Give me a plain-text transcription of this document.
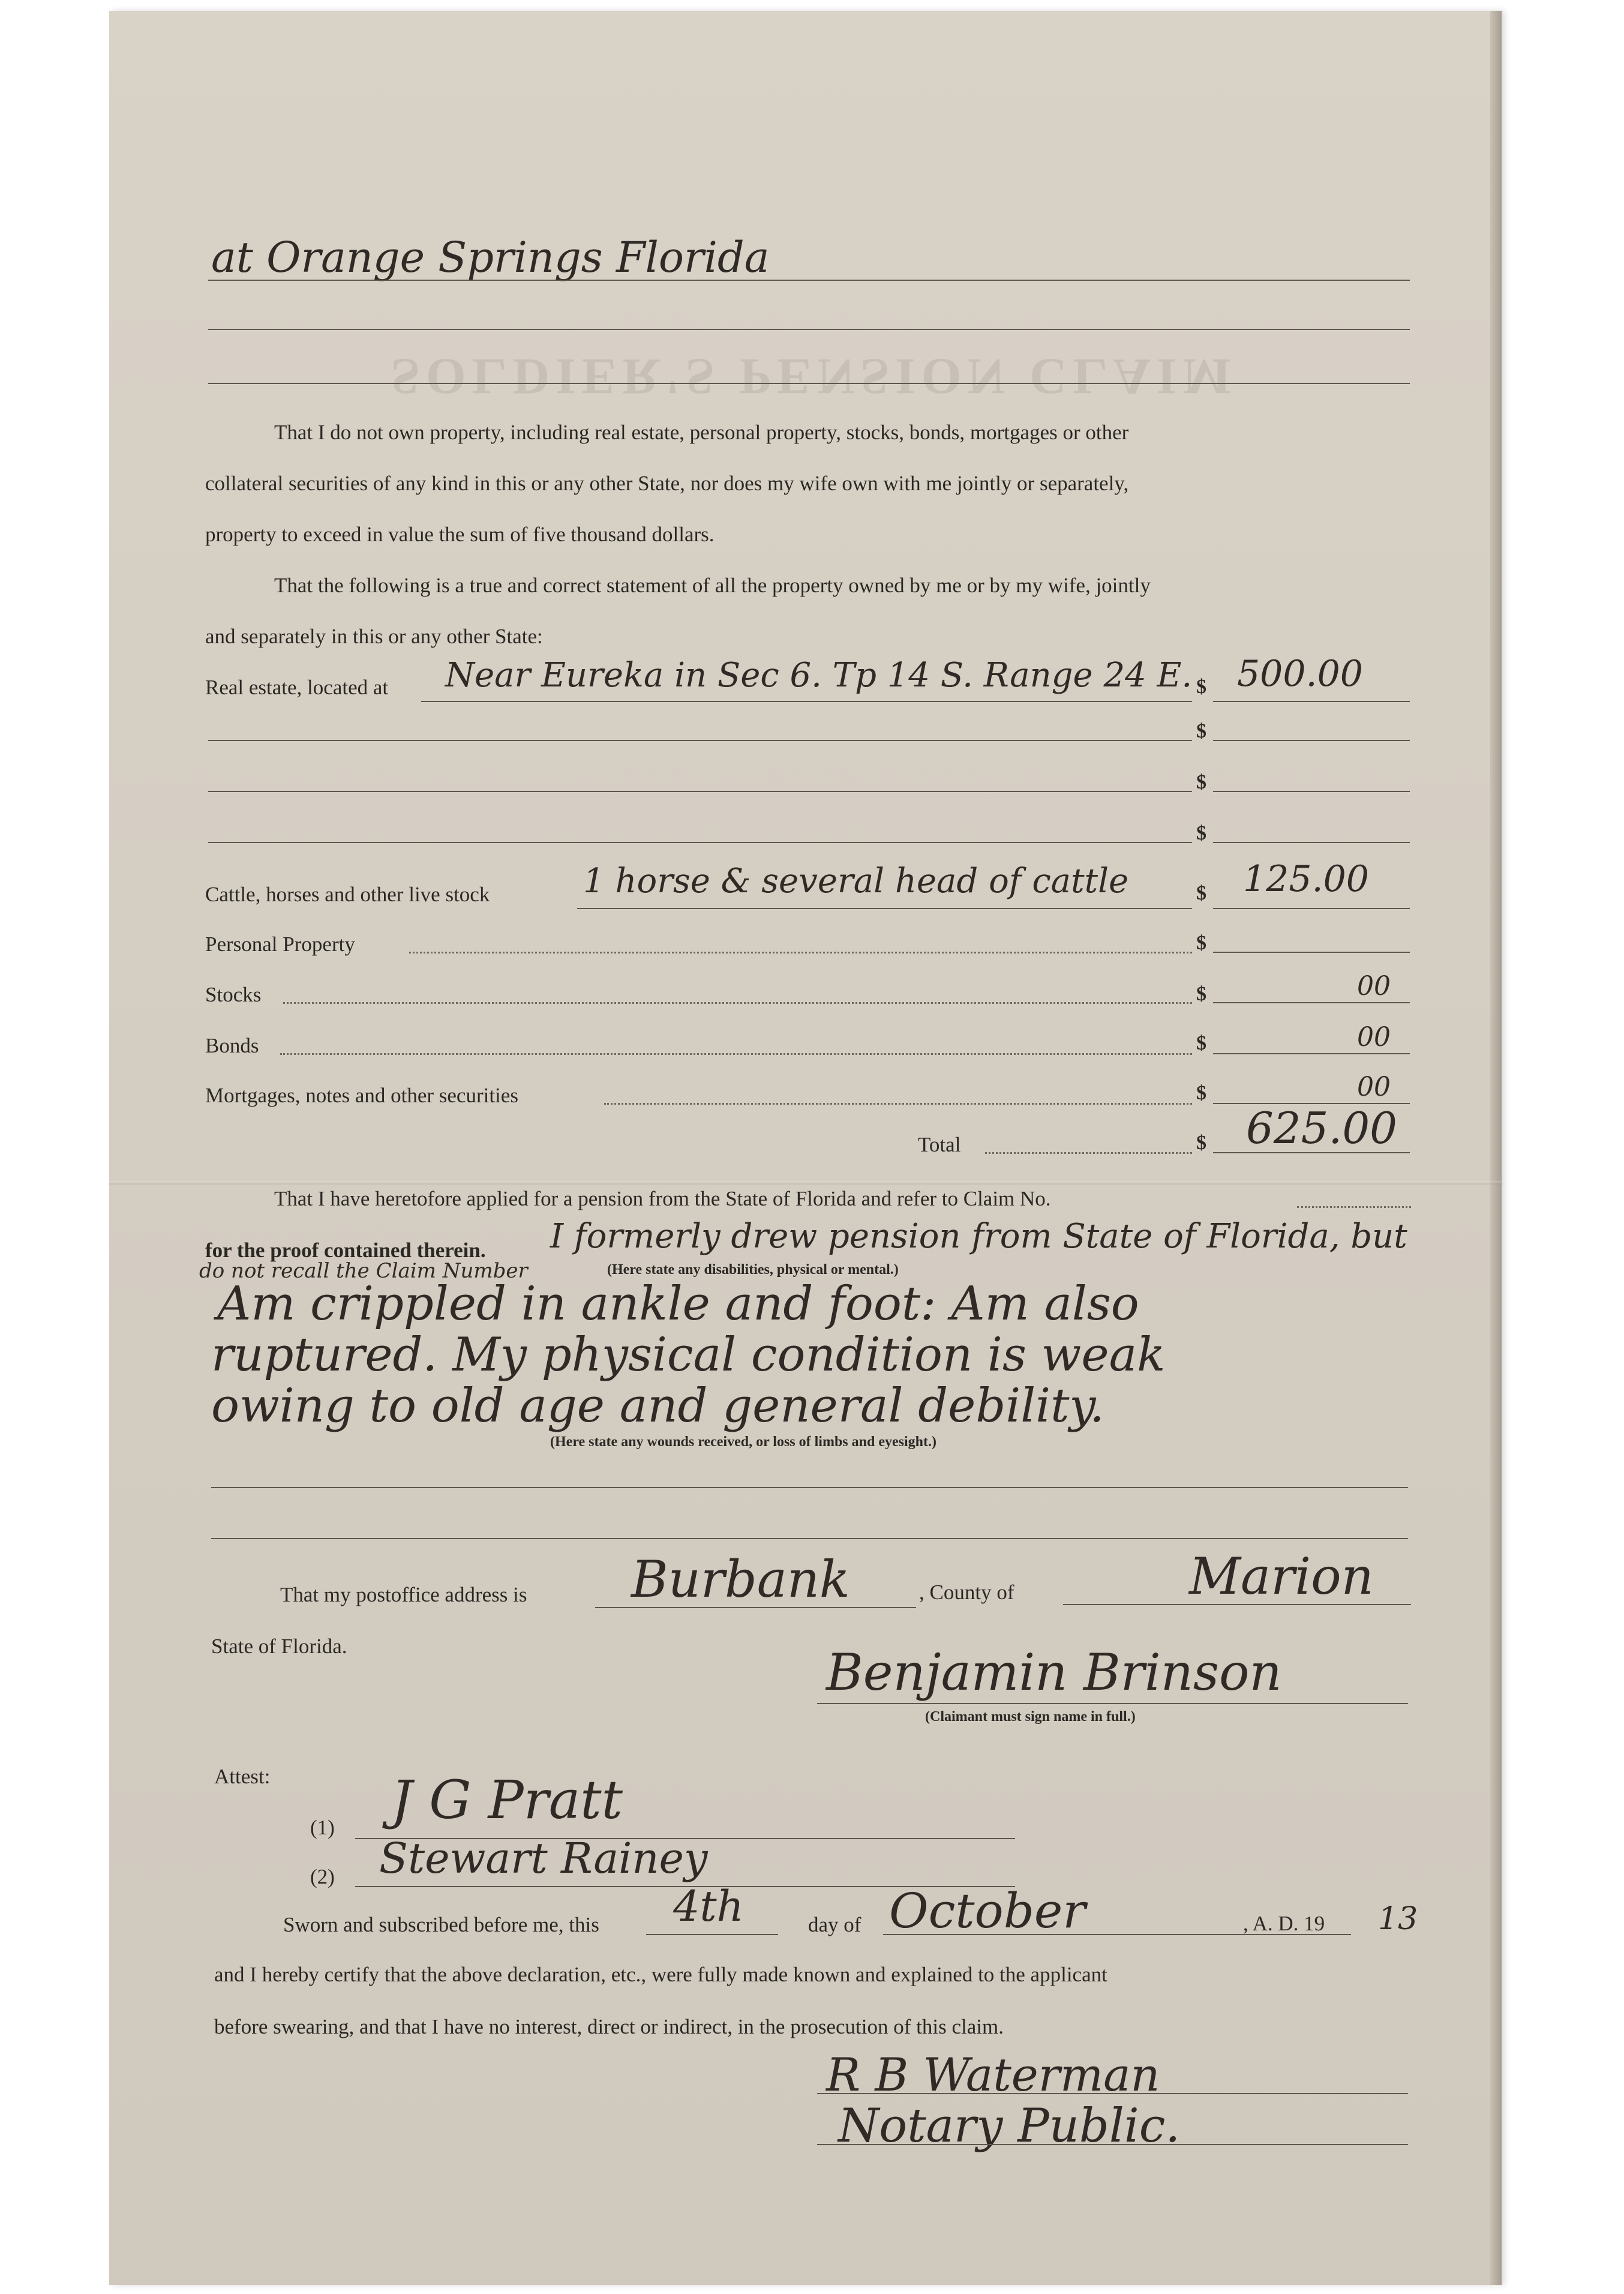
SOLDIER'S PENSION CLAIM
at Orange Springs Florida
That I do not own property, including real estate, personal property, stocks, bonds, mortgages or other
collateral securities of any kind in this or any other State, nor does my wife own with me jointly or separately,
property to exceed in value the sum of five thousand dollars.
That the following is a true and correct statement of all the property owned by me or by my wife, jointly
and separately in this or any other State:
Real estate, located at Near Eureka in Sec 6. Tp 14 S. Range 24 E. $ 500.00
$
$
$
Cattle, horses and other live stock	1 horse & several head of cattle	$ 125.00
Personal Property	$
Stocks	$	00
Bonds	$	00
Mortgages, notes and other securities	$	00
Total	$ 625.00
That I have heretofore applied for a pension from the State of Florida and refer to Claim No.
for the proof contained therein. I formerly drew pension from State of Florida, but
do not recall the Claim Number	(Here state any disabilities, physical or mental.)
Am crippled in ankle and foot: Am also
ruptured. My physical condition is weak
owing to old age and general debility.
(Here state any wounds received, or loss of limbs and eyesight.)
That my postoffice address is Burbank	, County of	Marion
State of Florida.	Benjamin Brinson
(Claimant must sign name in full.)
Attest:
(1) J G Pratt
(2) Stewart Rainey
Sworn and subscribed before me, this 4th	day of October	, A. D. 19 13
and I hereby certify that the above declaration, etc., were fully made known and explained to the applicant
before swearing, and that I have no interest, direct or indirect, in the prosecution of this claim.
R B Waterman
Notary Public.
